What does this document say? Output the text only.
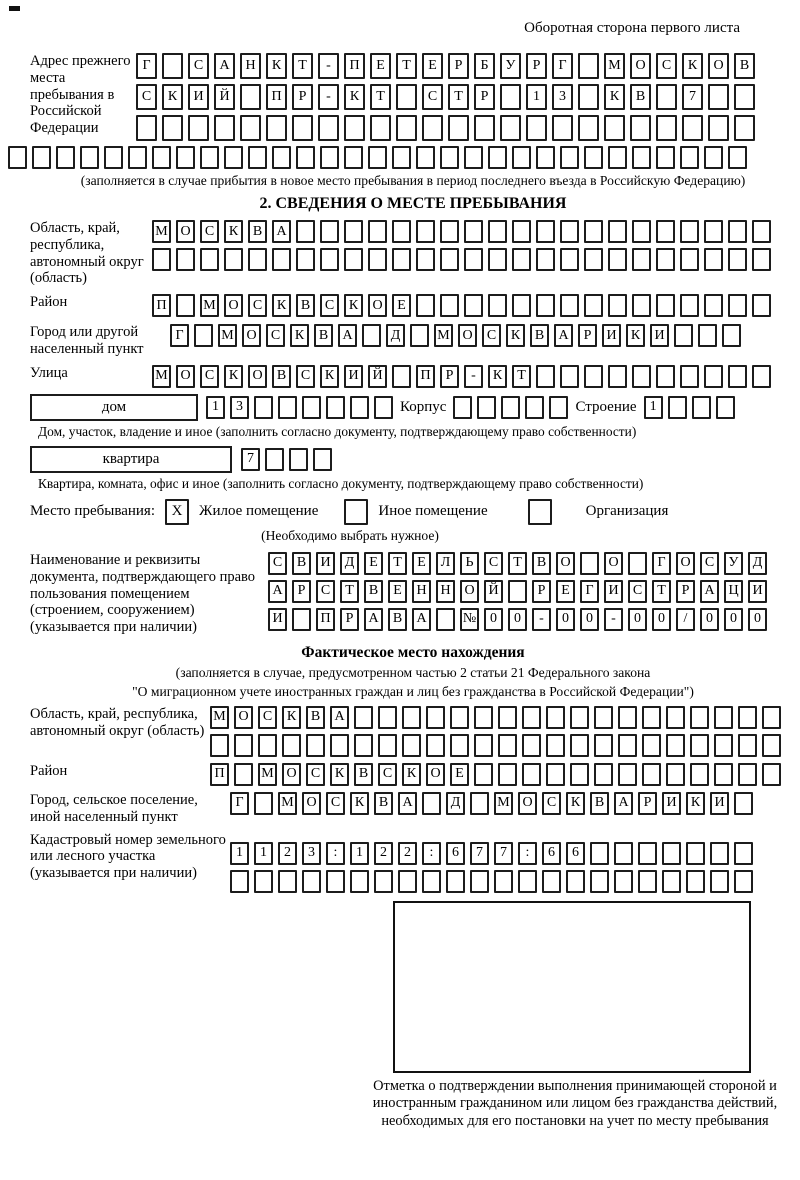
Оборотная сторона первого листа
Адрес прежнего места пребывания в Российской Федерации
Г	С	А	Н	К	Т	-	П	Е	Т	Е	Р	Б	У	Р	Г	М	О	С	К	О	В
С	К	И	Й	П	Р	-	К	Т	С	Т	Р	1	3	К	В	7
(заполняется в случае прибытия в новое место пребывания в период последнего въезда в Российскую Федерацию)
2. СВЕДЕНИЯ О МЕСТЕ ПРЕБЫВАНИЯ
Область, край, республика, автономный округ (область)
М О	С	К	В	А
Район	П	М О	С	К	В	С	К	О	Е
Город или другой населенный пункт
Г	М О	С	К	В	А	Д	М О	С	К	В	А	Р	И	К	И
Улица	М О	С	К	О	В	С	К	И Й	П	Р	-	К	Т
дом	1	3	Корпус	Строение 1
Дом, участок, владение и иное (заполнить согласно документу, подтверждающему право собственности)
квартира	7
Квартира, комната, офис и иное (заполнить согласно документу, подтверждающему право собственности)
Место пребывания:	X	Жилое помещение	Иное помещение	Организация
(Необходимо выбрать нужное)
Наименование и реквизиты документа, подтверждающего право пользования помещением (строением, сооружением) (указывается при наличии)
С	В	И	Д	Е	Т	Е	Л	Ь	С	Т	В	О	О	Г	О	С	У	Д
А	Р	С	Т	В	Е	Н Н О Й	Р	Е	Г	И	С	Т	Р	А Ц И
И	П	Р	А	В	А	№ 0	0	-	0	0	-	0	0	/	0	0	0
Фактическое место нахождения
(заполняется в случае, предусмотренном частью 2 статьи 21 Федерального закона
"О миграционном учете иностранных граждан и лиц без гражданства в Российской Федерации")
Область, край, республика, автономный округ (область)
М О	С	К	В	А
Район	П	М О	С	К	В	С	К	О	Е
Город, сельское поселение, иной населенный пункт
Г	М О	С	К	В	А	Д	М О	С	К	В	А	Р	И	К	И
Кадастровый номер земельного или лесного участка (указывается при наличии)
1	1	2	3	:	1	2	2	:	6	7	7	:	6	6
Отметка о подтверждении выполнения принимающей стороной и иностранным гражданином или лицом без гражданства действий, необходимых для его постановки на учет по месту пребывания
